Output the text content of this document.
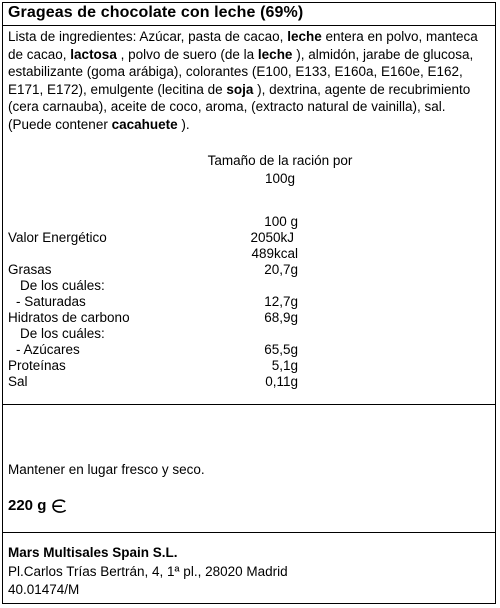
Grageas de chocolate con leche (69%)
Lista de ingredientes: Azúcar, pasta de cacao, leche entera en polvo, manteca de cacao, lactosa , polvo de suero (de la leche ), almidón, jarabe de glucosa, estabilizante (goma arábiga), colorantes (E100, E133, E160a, E160e, E162, E171, E172), emulgente (lecitina de soja ), dextrina, agente de recubrimiento (cera carnauba), aceite de coco, aroma, (extracto natural de vainilla), sal. (Puede contener cacahuete ).
Tamaño de la ración por
100g
100 g
Valor Energético	2050kJ
489kcal
Grasas	20,7g
De los cuáles:
- Saturadas	12,7g
Hidratos de carbono	68,9g
De los cuáles:
- Azúcares	65,5g
Proteínas	5,1g
Sal	0,11g
Mantener en lugar fresco y seco.
220 g
Mars Multisales Spain S.L.
Pl.Carlos Trías Bertrán, 4, 1ª pl., 28020 Madrid
40.01474/M
